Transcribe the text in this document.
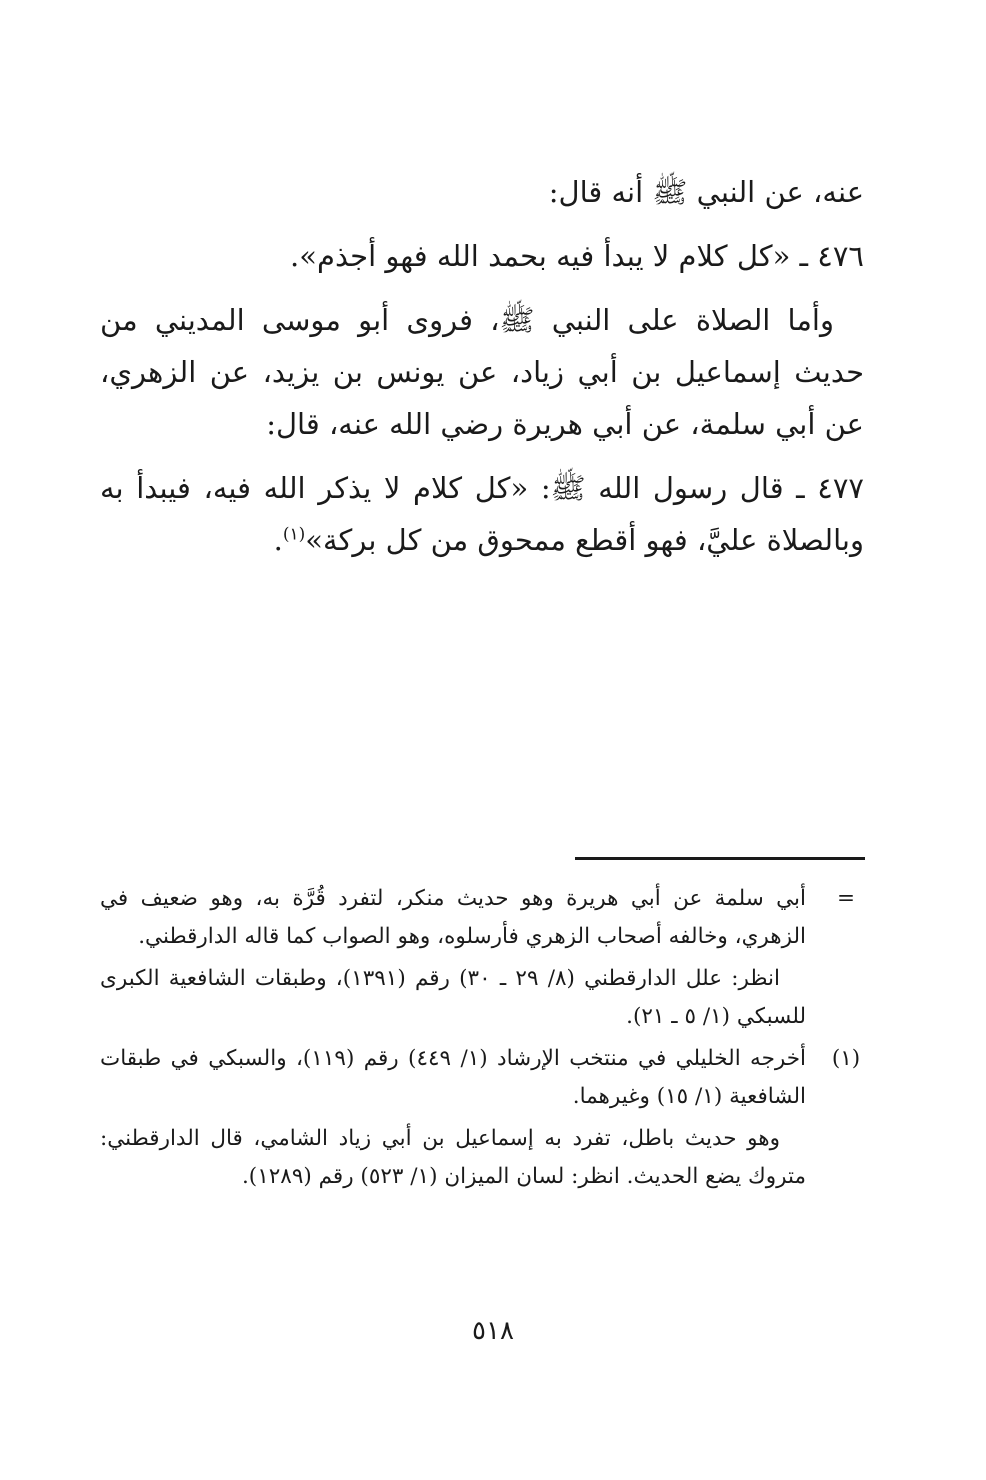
عنه، عن النبي ﷺ أنه قال:

٤٧٦ ـ «كل كلام لا يبدأ فيه بحمد الله فهو أجذم».

وأما الصلاة على النبي ﷺ، فروى أبو موسى المديني من حديث إسماعيل بن أبي زياد، عن يونس بن يزيد، عن الزهري، عن أبي سلمة، عن أبي هريرة رضي الله عنه، قال:

٤٧٧ ـ قال رسول الله ﷺ: «كل كلام لا يذكر الله فيه، فيبدأ به وبالصلاة عليَّ، فهو أقطع ممحوق من كل بركة»$^{(١)}$.

=
أبي سلمة عن أبي هريرة وهو حديث منكر، لتفرد قُرَّة به، وهو ضعيف في الزهري، وخالفه أصحاب الزهري فأرسلوه، وهو الصواب كما قاله الدارقطني.

انظر: علل الدارقطني (٨/ ٢٩ ـ ٣٠) رقم (١٣٩١)، وطبقات الشافعية الكبرى للسبكي (١/ ٥ ـ ٢١).

(١)
أخرجه الخليلي في منتخب الإرشاد (١/ ٤٤٩) رقم (١١٩)، والسبكي في طبقات الشافعية (١/ ١٥) وغيرهما.

وهو حديث باطل، تفرد به إسماعيل بن أبي زياد الشامي، قال الدارقطني: متروك يضع الحديث. انظر: لسان الميزان (١/ ٥٢٣) رقم (١٢٨٩).

٥١٨
